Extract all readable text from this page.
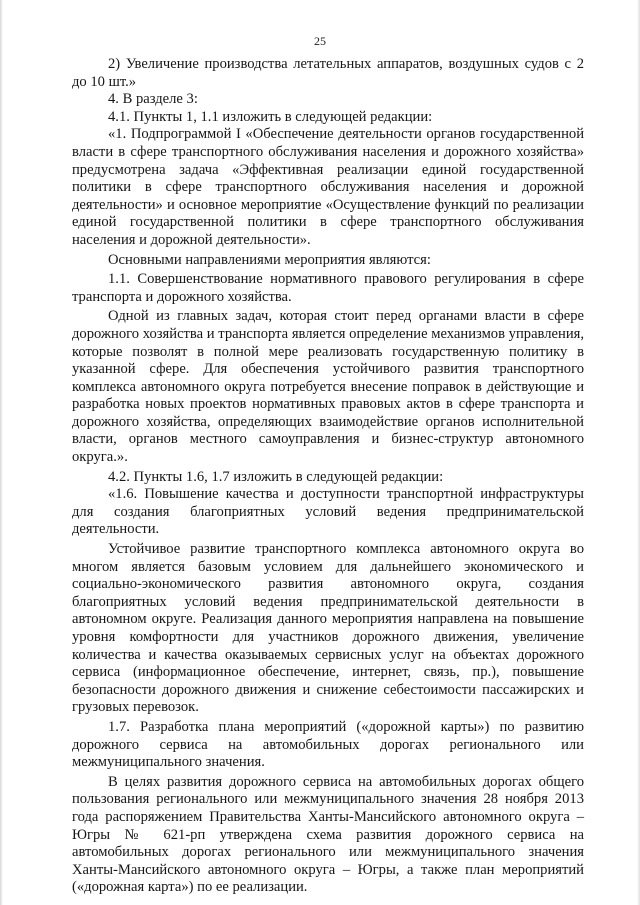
25

2) Увеличение производства летательных аппаратов, воздушных судов с 2 до 10 шт.»

4. В разделе 3:

4.1. Пункты 1, 1.1 изложить в следующей редакции:

«1. Подпрограммой I «Обеспечение деятельности органов государственной власти в сфере транспортного обслуживания населения и дорожного хозяйства» предусмотрена задача «Эффективная реализации единой государственной политики в сфере транспортного обслуживания населения и дорожной деятельности» и основное мероприятие «Осуществление функций по реализации единой государственной политики в сфере транспортного обслуживания населения и дорожной деятельности».

Основными направлениями мероприятия являются:

1.1. Совершенствование нормативного правового регулирования в сфере транспорта и дорожного хозяйства.

Одной из главных задач, которая стоит перед органами власти в сфере дорожного хозяйства и транспорта является определение механизмов управления, которые позволят в полной мере реализовать государственную политику в указанной сфере. Для обеспечения устойчивого развития транспортного комплекса автономного округа потребуется внесение поправок в действующие и разработка новых проектов нормативных правовых актов в сфере транспорта и дорожного хозяйства, определяющих взаимодействие органов исполнительной власти, органов местного самоуправления и бизнес-структур автономного округа.».

4.2. Пункты 1.6, 1.7 изложить в следующей редакции:

«1.6. Повышение качества и доступности транспортной инфраструктуры для создания благоприятных условий ведения предпринимательской деятельности.

Устойчивое развитие транспортного комплекса автономного округа во многом является базовым условием для дальнейшего экономического и социально-экономического развития автономного округа, создания благоприятных условий ведения предпринимательской деятельности в автономном округе. Реализация данного мероприятия направлена на повышение уровня комфортности для участников дорожного движения, увеличение количества и качества оказываемых сервисных услуг на объектах дорожного сервиса (информационное обеспечение, интернет, связь, пр.), повышение безопасности дорожного движения и снижение себестоимости пассажирских и грузовых перевозок.

1.7. Разработка плана мероприятий («дорожной карты») по развитию дорожного сервиса на автомобильных дорогах регионального или межмуниципального значения.

В целях развития дорожного сервиса на автомобильных дорогах общего пользования регионального или межмуниципального значения 28 ноября 2013 года распоряжением Правительства Ханты-Мансийского автономного округа – Югры № 621-рп утверждена схема развития дорожного сервиса на автомобильных дорогах регионального или межмуниципального значения Ханты-Мансийского автономного округа – Югры, а также план мероприятий («дорожная карта») по ее реализации.
